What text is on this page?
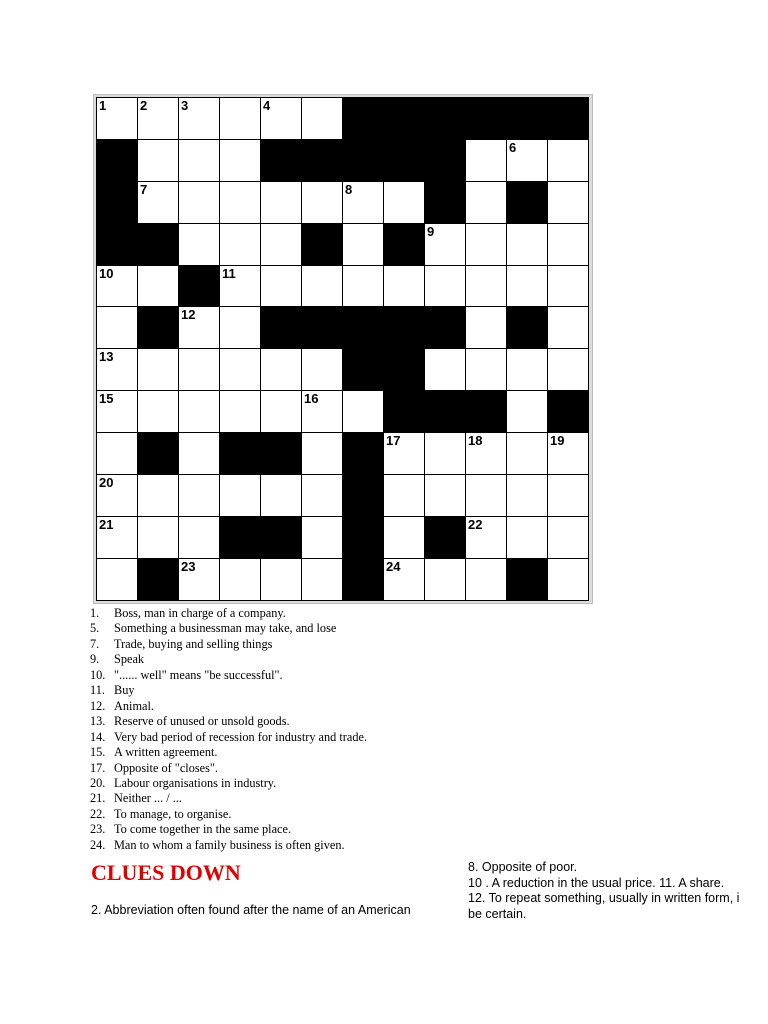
1	2	3	4
5	6
7	8
9
10	11
12
13	14
15	16
17	18	19
20
21	22
23	24
1. Boss, man in charge of a company.
5. Something a businessman may take, and lose
7. Trade, buying and selling things
9. Speak
10. "...... well" means "be successful".
11. Buy
12. Animal.
13. Reserve of unused or unsold goods.
14. Very bad period of recession for industry and trade.
15. A written agreement.
17. Opposite of "closes".
20. Labour organisations in industry.
21. Neither ... / ...
22. To manage, to organise.
23. To come together in the same place.
24. Man to whom a family business is often given.
CLUES DOWN
2. Abbreviation often found after the name of an American
8. Opposite of poor.
10 . A reduction in the usual price. 11. A share.
12. To repeat something, usually in written form, i
be certain.
